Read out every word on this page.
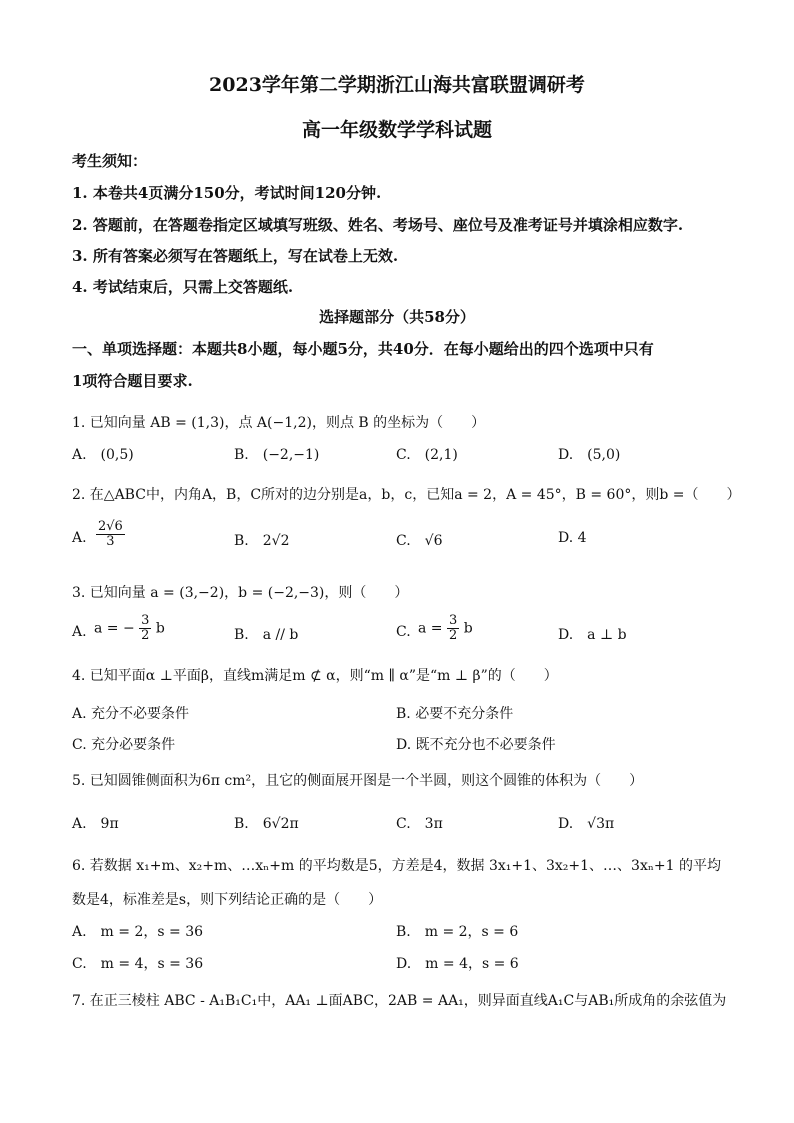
2023学年第二学期浙江山海共富联盟调研考
高一年级数学学科试题
考生须知：
1. 本卷共4页满分150分，考试时间120分钟.
2. 答题前，在答题卷指定区域填写班级、姓名、考场号、座位号及准考证号并填涂相应数字.
3. 所有答案必须写在答题纸上，写在试卷上无效.
4. 考试结束后，只需上交答题纸.
选择题部分（共58分）
一、单项选择题：本题共8小题，每小题5分，共40分．在每小题给出的四个选项中只有
1项符合题目要求.
1. 已知向量 AB = (1,3)，点 A(−1,2)，则点 B 的坐标为（　　）
A.　(0,5)	B.　(−2,−1)	C.　(2,1)	D.　(5,0)
2. 在△ABC中，内角A，B，C所对的边分别是a，b，c，已知a = 2，A = 45°，B = 60°，则b =（　　）
A. $\frac{2√6}{3}$	B.　2√2	C.　√6	D. 4
3. 已知向量 a = (3,−2)，b = (−2,−3)，则（　　）
A. a = − $\frac{3}{2}$ b	B.　a // b	C. $a = \frac{3}{2}$ b	D.　a ⊥ b
4. 已知平面α ⊥平面β，直线m满足m ⊄ α，则“m ∥ α”是“m ⊥ β”的（　　）
A. 充分不必要条件	B. 必要不充分条件
C. 充分必要条件	D. 既不充分也不必要条件
5. 已知圆锥侧面积为6π cm²，且它的侧面展开图是一个半圆，则这个圆锥的体积为（　　）
A.　9π	B.　6√2π	C.　3π	D.　√3π
6. 若数据 x₁+m、x₂+m、…xₙ+m 的平均数是5，方差是4，数据 3x₁+1、3x₂+1、…、3xₙ+1 的平均
数是4，标准差是s，则下列结论正确的是（　　）
A.　m = 2，s = 36	B.　m = 2，s = 6
C.　m = 4，s = 36	D.　m = 4，s = 6
7. 在正三棱柱 ABC - A₁B₁C₁中，AA₁ ⊥面ABC，2AB = AA₁，则异面直线A₁C与AB₁所成角的余弦值为
